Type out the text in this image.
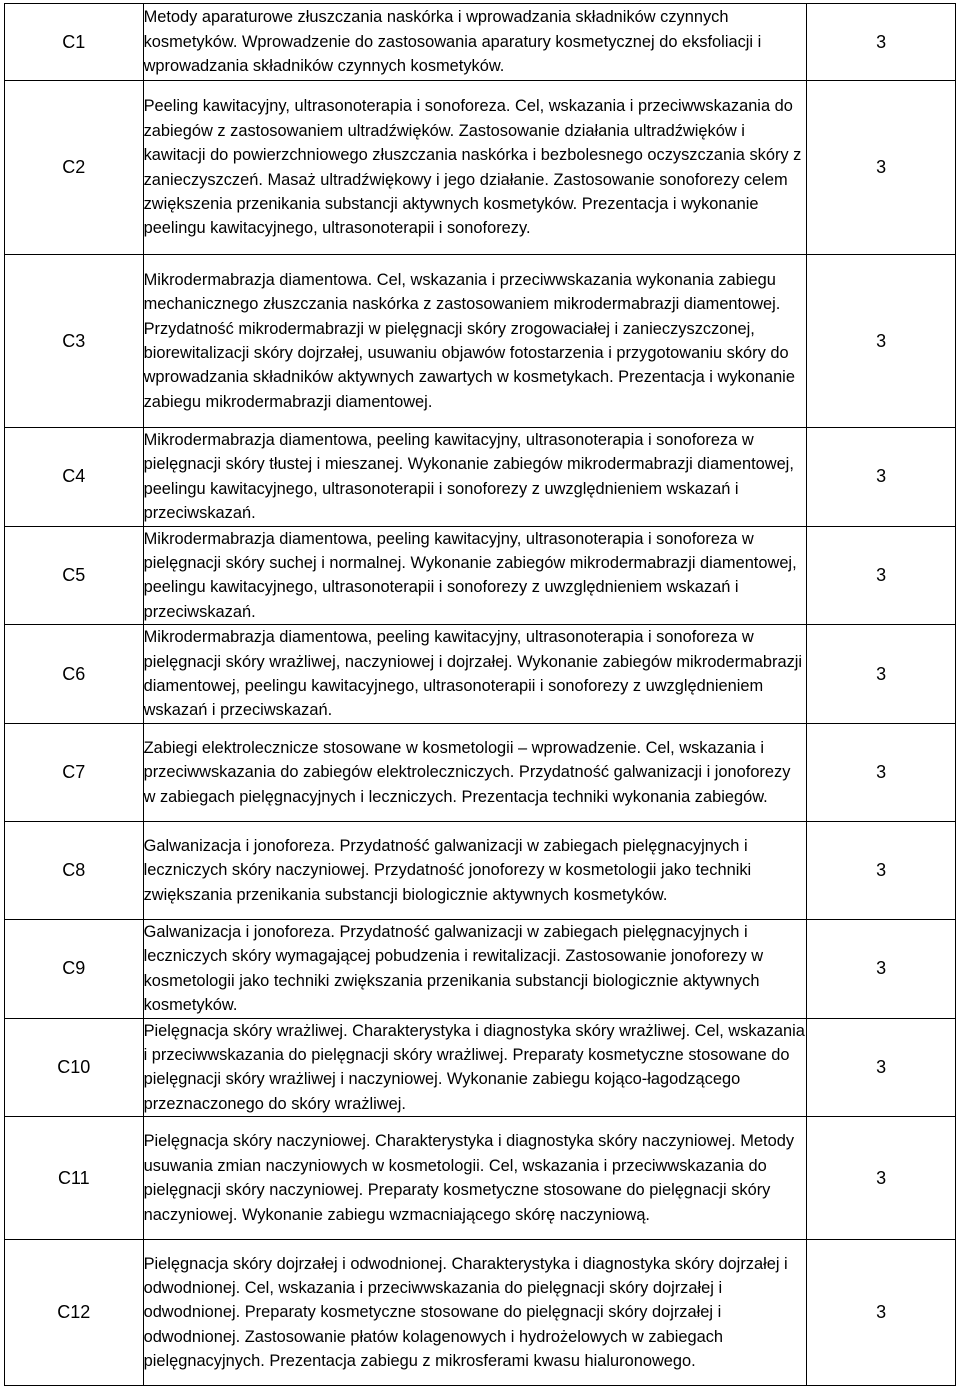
C1	Metody aparaturowe złuszczania naskórka i wprowadzania składników czynnych kosmetyków. Wprowadzenie do zastosowania aparatury kosmetycznej do eksfoliacji i wprowadzania składników czynnych kosmetyków.	3
C2	Peeling kawitacyjny, ultrasonoterapia i sonoforeza. Cel, wskazania i przeciwwskazania do zabiegów z zastosowaniem ultradźwięków. Zastosowanie działania ultradźwięków i kawitacji do powierzchniowego złuszczania naskórka i bezbolesnego oczyszczania skóry z zanieczyszczeń. Masaż ultradźwiękowy i jego działanie. Zastosowanie sonoforezy celem zwiększenia przenikania substancji aktywnych kosmetyków. Prezentacja i wykonanie peelingu kawitacyjnego, ultrasonoterapii i sonoforezy.	3
C3	Mikrodermabrazja diamentowa. Cel, wskazania i przeciwwskazania wykonania zabiegu mechanicznego złuszczania naskórka z zastosowaniem mikrodermabrazji diamentowej. Przydatność mikrodermabrazji w pielęgnacji skóry zrogowaciałej i zanieczyszczonej, biorewitalizacji skóry dojrzałej, usuwaniu objawów fotostarzenia i przygotowaniu skóry do wprowadzania składników aktywnych zawartych w kosmetykach. Prezentacja i wykonanie zabiegu mikrodermabrazji diamentowej.	3
C4	Mikrodermabrazja diamentowa, peeling kawitacyjny, ultrasonoterapia i sonoforeza w pielęgnacji skóry tłustej i mieszanej. Wykonanie zabiegów mikrodermabrazji diamentowej, peelingu kawitacyjnego, ultrasonoterapii i sonoforezy z uwzględnieniem wskazań i przeciwskazań.	3
C5	Mikrodermabrazja diamentowa, peeling kawitacyjny, ultrasonoterapia i sonoforeza w pielęgnacji skóry suchej i normalnej. Wykonanie zabiegów mikrodermabrazji diamentowej, peelingu kawitacyjnego, ultrasonoterapii i sonoforezy z uwzględnieniem wskazań i przeciwskazań.	3
C6	Mikrodermabrazja diamentowa, peeling kawitacyjny, ultrasonoterapia i sonoforeza w pielęgnacji skóry wrażliwej, naczyniowej i dojrzałej. Wykonanie zabiegów mikrodermabrazji diamentowej, peelingu kawitacyjnego, ultrasonoterapii i sonoforezy z uwzględnieniem wskazań i przeciwskazań.	3
C7	Zabiegi elektrolecznicze stosowane w kosmetologii – wprowadzenie. Cel, wskazania i przeciwwskazania do zabiegów elektroleczniczych. Przydatność galwanizacji i jonoforezy w zabiegach pielęgnacyjnych i leczniczych. Prezentacja techniki wykonania zabiegów.	3
C8	Galwanizacja i jonoforeza. Przydatność galwanizacji w zabiegach pielęgnacyjnych i leczniczych skóry naczyniowej. Przydatność jonoforezy w kosmetologii jako techniki zwiększania przenikania substancji biologicznie aktywnych kosmetyków.	3
C9	Galwanizacja i jonoforeza. Przydatność galwanizacji w zabiegach pielęgnacyjnych i leczniczych skóry wymagającej pobudzenia i rewitalizacji. Zastosowanie jonoforezy w kosmetologii jako techniki zwiększania przenikania substancji biologicznie aktywnych kosmetyków.	3
C10	Pielęgnacja skóry wrażliwej. Charakterystyka i diagnostyka skóry wrażliwej. Cel, wskazania i przeciwwskazania do pielęgnacji skóry wrażliwej. Preparaty kosmetyczne stosowane do pielęgnacji skóry wrażliwej i naczyniowej. Wykonanie zabiegu kojąco-łagodzącego przeznaczonego do skóry wrażliwej.	3
C11	Pielęgnacja skóry naczyniowej. Charakterystyka i diagnostyka skóry naczyniowej. Metody usuwania zmian naczyniowych w kosmetologii. Cel, wskazania i przeciwwskazania do pielęgnacji skóry naczyniowej. Preparaty kosmetyczne stosowane do pielęgnacji skóry naczyniowej. Wykonanie zabiegu wzmacniającego skórę naczyniową.	3
C12	Pielęgnacja skóry dojrzałej i odwodnionej. Charakterystyka i diagnostyka skóry dojrzałej i odwodnionej. Cel, wskazania i przeciwwskazania do pielęgnacji skóry dojrzałej i odwodnionej. Preparaty kosmetyczne stosowane do pielęgnacji skóry dojrzałej i odwodnionej. Zastosowanie płatów kolagenowych i hydrożelowych w zabiegach pielęgnacyjnych. Prezentacja zabiegu z mikrosferami kwasu hialuronowego.	3
